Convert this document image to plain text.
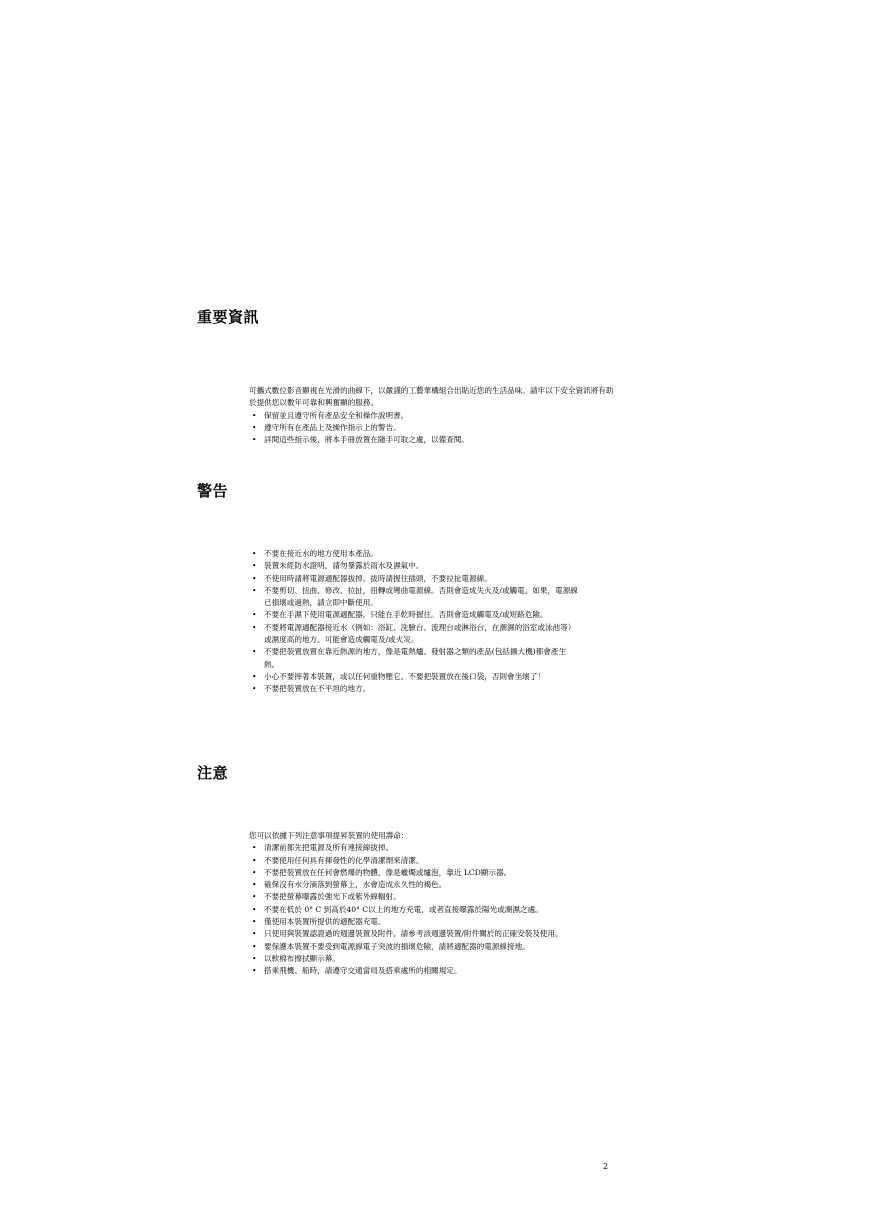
重要資訊

可攜式數位影音顯視在光滑的曲線下，以嚴謹的工藝華構組合出貼近您的生活品味。請牢以下安全資訊將有助於提供您以數年可靠和興奮顯的服務。

• 保留並且遵守所有產品安全和操作說明書。
• 遵守所有在產品上及操作指示上的警告。
• 詳閱這些指示後，將本手冊放置在隨手可取之處，以備查閱。
警告
• 不要在接近水的地方使用本產品。
• 裝置未經防水證明，請勿暴露於雨水及濕氣中。
• 不使用時請將電源適配器拔掉。拔時請握住插頭，不要拉扯電源線。
• 不要剪切、扭曲、修改、拉扯，扭轉或彎曲電源線。否則會造成失火及/或觸電。如果，電源線已損壞或過熱，請立即中斷使用。
• 不要在手濕下使用電源適配器，只能在手乾時握住。否則會造成觸電及/或短路危險。
• 不要將電源適配器接近水（例如：浴缸、洗臉台、流理台或淋浴台，在潮濕的浴室或泳池等）或濕度高的地方。可能會造成觸電及/或火災。
• 不要把裝置放置在靠近熱源的地方，像是電熱爐、發射器之類的產品(包括擴大機)都會產生熱。
• 小心不要摔著本裝置，或以任何重物壓它。不要把裝置放在後口袋，否則會坐壞了！
• 不要把裝置放在不平坦的地方。
注意

您可以依據下列注意事項提昇裝置的使用壽命：

• 清潔前都先把電源及所有連接線拔掉。
• 不要使用任何具有揮發性的化學清潔劑來清潔。
• 不要把裝置放在任何會燃爆的物體，像是蠟燭或爐泡，靠近 LCD顯示器。
• 確保沒有水分滴落到螢幕上，水會造成永久性的褐色。
• 不要把螢幕曝露於強光下或紫外線輻射。
• 不要在低於 0° C 到高於40° C以上的地方充電，或者直接曝露於陽光或潮濕之處。
• 僅使用本裝置所提供的適配器充電。
• 只使用與裝置認證過的週邊裝置及附件。請參考該週邊裝置/附件關於的正確安裝及使用。
• 要保護本裝置不要受到電源線電子突波的損壞危險，請將適配器的電源線接地。
• 以軟棉布擦拭顯示幕。
• 搭乘飛機、船時，請遵守交通當局及搭乘處所的相關規定。
2
